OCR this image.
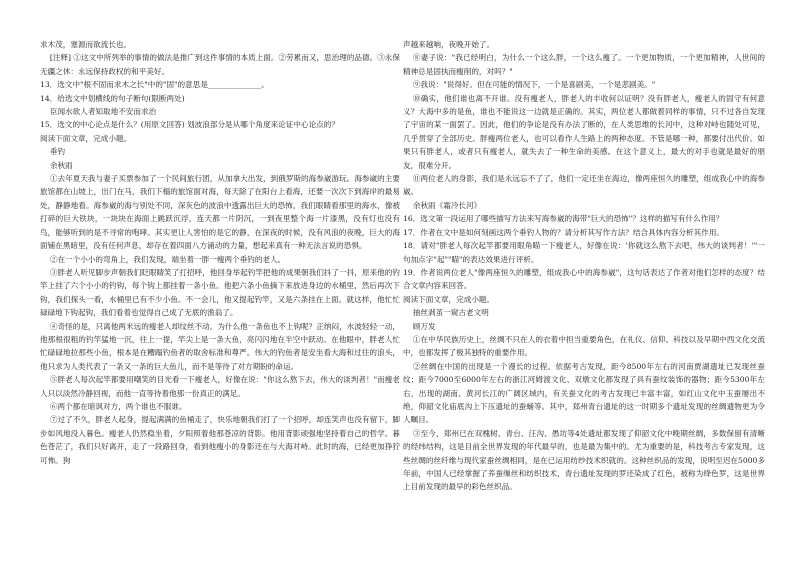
求木茂，塞源而欲流长也。

[注释] ①这文中所列举的事情的做法是推广到这件事情的本质上面。②劳累而又，思治理的品德。③永保无疆之休：永远保持政权的和平美好。

13．选文中"根不固而求木之长"中的"固"的意思是______________。

14．给选文中划横线的句子断句(限断两处)

臣闻水欲人者知取地不安而求治

15．选文的中心论点是什么？(用原文回答) 划波浪部分是从哪个角度来论证中心论点的？

阅读下面文章，完成小题。

垂钓

余秋雨

①去年夏天我与妻子买票参加了一个民间旅行团，从加拿大出发，到俄罗斯的海参崴游玩。海参崴的主要旅馆都在山坡上，出门在马，我们下榻的旅馆面对海，每天除了在阳台上看海，还要一次次下到海岸的最易处，静静地看。海参崴的海与别处不同，深灰色的波浪中透露出巨大的恐怖。我们眼睛看那里的海水，像被打碎的巨大铁块，一块块在海面上跳跃沉浮，连天都一片阴沉，一到夜里整个海一片漆黑，没有灯也没有鸟，能够听到的是不寻常的咆哮。其实更让人害怕的是它的静，在深夜的时候，没有风浪的夜晚，巨大的海面铺在黑暗里，没有任何声息，却存在着四面八方涌动的力量，想起来真有一种无法言说的恐惧。

②在一个小小的弯角上，我们发现，端坐着一胖一瘦两个垂钓的老人。

③胖老人听见脚步声朝我们眨眼睛笑了打招呼，他回身举起钓竿把他的成果朝我们抖了一抖，原来他的钓竿上挂了六个小小的钓钩，每个钩上都挂着一条小鱼。他把六条小鱼摘下来放进身边的水桶里，然后再次下钩，我们探头一看，水桶里已有不少小鱼。不一会儿，他又提起钓竿，又是六条挂在上面。就这样，他忙忙碌碌地下钩起钩，我们看着也觉得自己成了无底的渔翁了。

④奇怪的是，只离他两米远的瘦老人却纹丝不动。为什么他一条鱼也不上钩呢？正纳闷，水波轻轻一动，他那根很粗的钓竿猛地一沉，往上一提，竿尖上是一条大鱼，亮闪闪地在半空中跃动。在他眼中，胖老人忙忙碌碌地拉那些小鱼，根本是在糟蹋钓鱼者的取舍标准和尊严。伟大的钓鱼者是安坐看大海和过往的浪头，他只求为人类代表了一条又一条的巨大鱼儿，而不是等待了对方期盼的命运。

⑤胖老人每次起竿都要用嘲笑的目光看一下瘦老人，好像在说："你这么熬下去，伟大的谈判者！"而瘦老人只以淡然冷静回视，而他一直等待着他那一份真正的满足。

⑥两个都在暗讽对方，两个谁也不服谁。

⑦过了不久，胖老人起身，提起满满的鱼桶走了，快乐地朝我们打了一个招呼，却连笑声也没有留下，脚步如风地没入暮色。瘦老人仍然稳坐着，夕阳照着他那苍凉的背影。他用背影顽强地坚持着自己的哲学。暮色苍茫了，我们只好离开，走了一段路回身，看到他瘦小的身影还在与大海对峙。此时的海，已经更加狰狞可怖。狗

声越来越响，夜晚开始了。

⑧妻子说："我已经明白，为什么一个这么胖，一个这么瘦了。一个更加物质，一个更加精神，人世间的精神总是固执而瘦削的，对吗？"

⑨我说："说得好。但在可能的情况下，一个是喜剧美，一个是悲剧美。"

⑩确实，他们谁也离不开谁。没有瘦老人，胖老人的丰收何以证明？没有胖老人，瘦老人的固守有何意义？大海中多的是鱼，谁也不能说这一边就是正确的。其实，两位老人都做着同样的事情，只不过各自发现了宇宙的某一面罢了。因此，他们的争论是没有办法了断的，在人类思维的长河中，这种对峙也随处可见，几乎贯穿了全部历史。胖瘦两位老人，也可以看作人生路上的两种态度。不管是哪一种，都要付出代价。如果只有胖老人，或者只有瘦老人，就失去了一种生命的美感。在这个意义上，最大的对手也就是最好的朋友，很难分开。

⑪两位老人的身影，我们是永远忘不了了，他们一定还坐在海边，像两座恒久的雕塑，组成我心中的海参崴。

余秋雨《霜冷长河》

16．选文第一段运用了哪些描写方法来写海参崴的海带"巨大的恐怖"？这样的描写有什么作用？

17．作者在文中是如何刻画这两个垂钓人物的？请分析其写作方法？结合具体内容分析其作用。

18．请对"胖老人每次起竿都要用眼角瞄一下瘦老人，好像在说：'你就这么熬下去吧，伟大的谈判者！'"一句加点字"起""瞄"的表达效果进行评析。

19．作者说两位老人"像两座恒久的雕塑，组成我心中的海参崴"，这句话表达了作者对他们怎样的态度？结合文章内容来回答。

阅读下面文章，完成小题。

抽丝剥茧一窥古老文明

顾万发

①在中华民族历史上，丝绸不只在人的衣着中担当重要角色，在礼仪、信仰、科技以及早期中西文化交流中，也都发挥了极其独特的重要作用。

②丝绸在中国的出现是一个漫长的过程。依据考古发现，距今8500年左右的河南贾湖遗址已发现丝蚕纹；距今7000至6000年左右的浙江河姆渡文化、双墩文化都发现了具有蚕纹装饰的器物；距今5300年左右，出现的湖南、黄河长江的广阔区域内，有关蚕文化的考古发现已丰富丰富，如红山文化中玉蚕屡出不绝，仰韶文化庙底沟上下压遗址的蚕蛹等。其中，郑州青台遗址的这一时期多个遗址发现的丝绸遗物更为令人瞩目。

③至今，郑州已在双槐树、青台、汪沟、愚坊等4处遗址都发现了仰韶文化中晚期丝绸，多数保留有清晰的经纬结构，这是目前全世界发现的年代最早的，也是最为集中的。尤为重要的是，科技考古专家发现，这些丝绸的丝纤维与现代家蚕丝绸相同，是在已运用纺纱技术织就的。这种丝织品的发现，说明至迟在5000多年前，中国人已经掌握了养蚕缫丝和纺织技术，青台遗址发现的罗还染成了红色，被称为绛色罗，这是世界上目前发现的最早的彩色丝织品。
